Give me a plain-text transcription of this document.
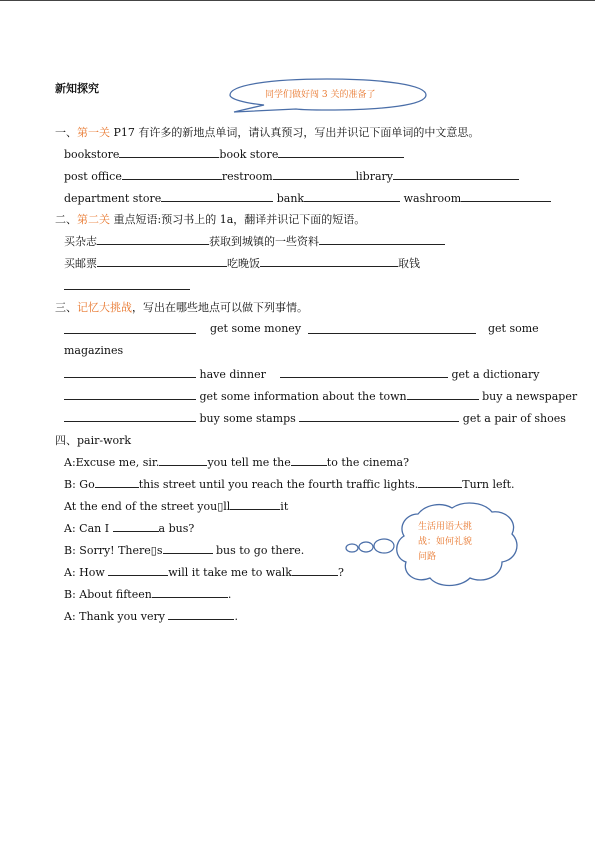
新知探究	同学们做好闯 3 关的准备了
一、第一关 P17 有许多的新地点单词，请认真预习，写出并识记下面单词的中文意思。
bookstore	book store
post office	restroom	library
department store	bank	washroom
二、第二关 重点短语:预习书上的 1a，翻译并识记下面的短语。
买杂志	获取到城镇的一些资料
买邮票	吃晚饭	取钱
三、记忆大挑战，写出在哪些地点可以做下列事情。
get some money	get some
magazines
have dinner	get a dictionary
get some information about the town	buy a newspaper
buy some stamps	get a pair of shoes
四、pair-work
A:Excuse me, sir.	you tell me the	to the cinema?
B: Go	this street until you reach the fourth traffic lights.	Turn left.
At the end of the street you▯ll	it
A: Can I	a bus?
B: Sorry! There▯s	bus to go there.
A: How	will it take me to walk	?
B: About fifteen	.
A: Thank you very	.
生活用语大挑
战：如何礼貌
问路
